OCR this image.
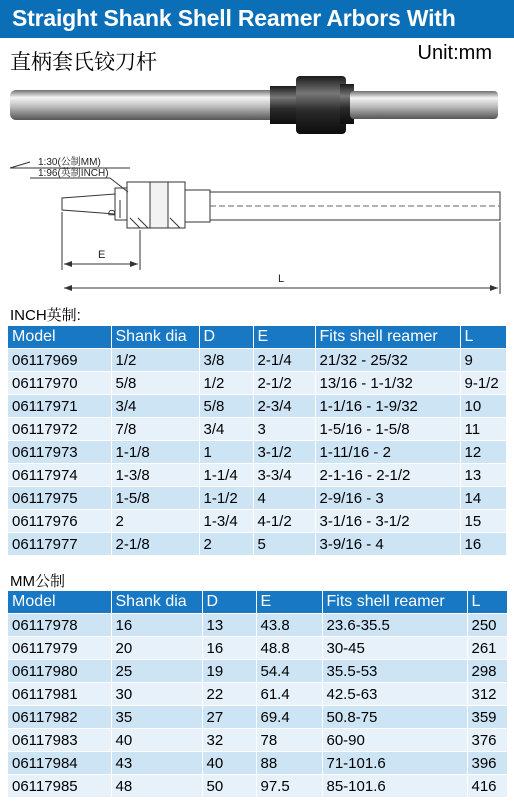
Straight Shank Shell Reamer Arbors With
直柄套氏铰刀杆	Unit:mm
1:30(公制MM)
1:96(英制INCH)
D
E
L
INCH英制:
Model	Shank dia	D	E	Fits shell reamer	L
06117969	1/2	3/8	2-1/4	21/32 - 25/32	9
06117970	5/8	1/2	2-1/2	13/16 - 1-1/32	9-1/2
06117971	3/4	5/8	2-3/4	1-1/16 - 1-9/32	10
06117972	7/8	3/4	3	1-5/16 - 1-5/8	11
06117973	1-1/8	1	3-1/2	1-11/16 - 2	12
06117974	1-3/8	1-1/4	3-3/4	2-1-16 - 2-1/2	13
06117975	1-5/8	1-1/2	4	2-9/16 - 3	14
06117976	2	1-3/4	4-1/2	3-1/16 - 3-1/2	15
06117977	2-1/8	2	5	3-9/16 - 4	16
MM公制
Model	Shank dia	D	E	Fits shell reamer	L
06117978	16	13	43.8	23.6-35.5	250
06117979	20	16	48.8	30-45	261
06117980	25	19	54.4	35.5-53	298
06117981	30	22	61.4	42.5-63	312
06117982	35	27	69.4	50.8-75	359
06117983	40	32	78	60-90	376
06117984	43	40	88	71-101.6	396
06117985	48	50	97.5	85-101.6	416
